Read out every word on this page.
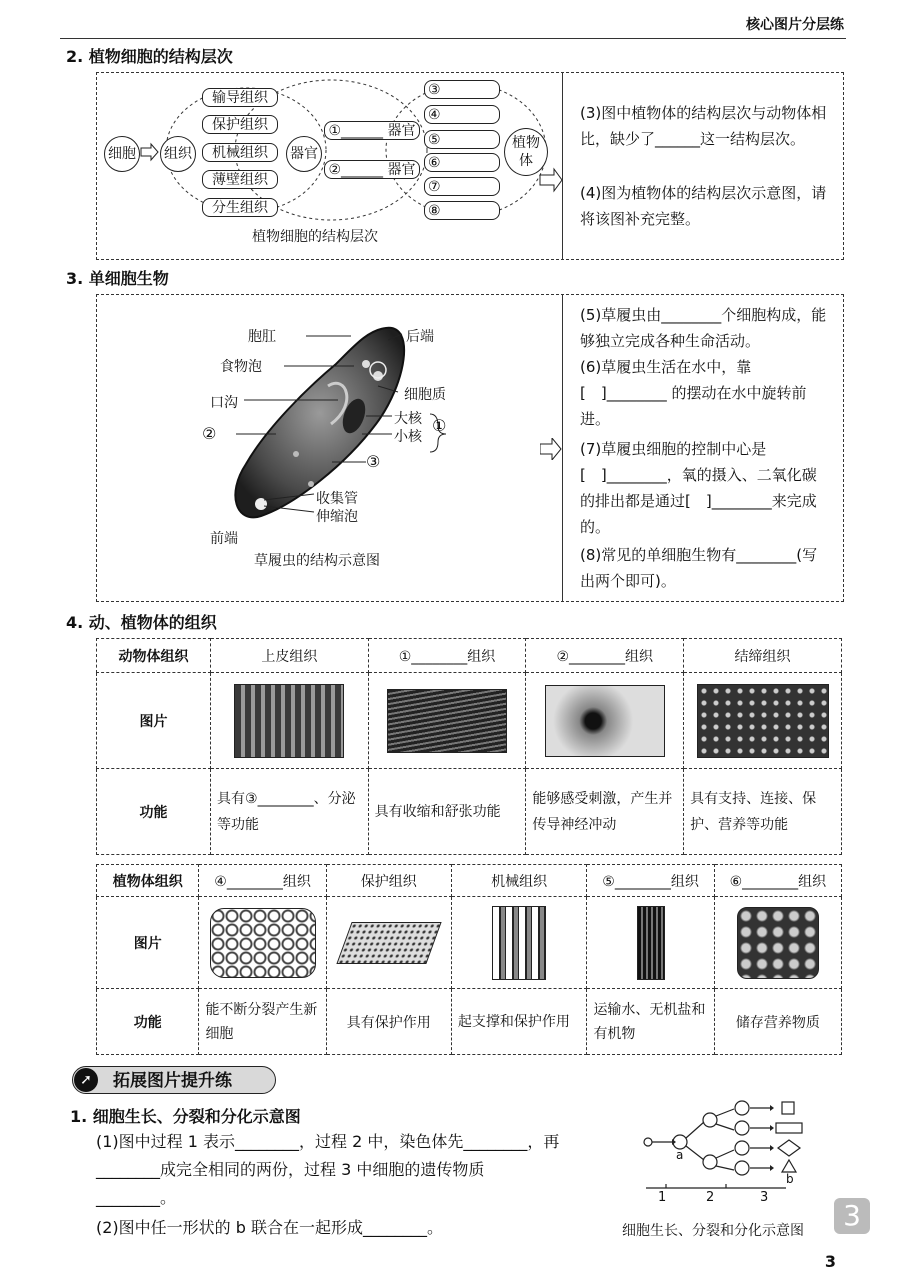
核心图片分层练
2. 植物细胞的结构层次
细胞 组织	器官
植物
体
输导组织
保护组织
机械组织
薄壁组织
分生组织
①______ 器官
②______ 器官
③
④
⑤
⑥
⑦
⑧
植物细胞的结构层次
(3)图中植物体的结构层次与动物体相比，缺少了______这一结构层次。
(4)图为植物体的结构层次示意图，请将该图补充完整。
3. 单细胞生物
胞肛	后端
食物泡
细胞质
口沟
大核
小核
①
②
③
收集管
伸缩泡
前端
草履虫的结构示意图
(5)草履虫由________个细胞构成，能够独立完成各种生命活动。
(6)草履虫生活在水中，靠[　]________ 的摆动在水中旋转前进。
(7)草履虫细胞的控制中心是[　]________，氧的摄入、二氧化碳的排出都是通过[　]________来完成的。
(8)常见的单细胞生物有________(写出两个即可)。
4. 动、植物体的组织
动物体组织	上皮组织	①________组织	②________组织	结缔组织
图片	

功能	具有③________、分泌等功能	具有收缩和舒张功能	能够感受刺激，产生并传导神经冲动	具有支持、连接、保护、营养等功能
植物体组织	④________组织	保护组织	机械组织	⑤________组织	⑥________组织
图片	

功能	能不断分裂产生新细胞	具有保护作用	起支撑和保护作用	运输水、无机盐和有机物	储存营养物质
拓展图片提升练
➚
1. 细胞生长、分裂和分化示意图
(1)图中过程 1 表示________，过程 2 中，染色体先________，再
________成完全相同的两份，过程 3 中细胞的遗传物质
________。
(2)图中任一形状的 b 联合在一起形成________。
a
b
1	2	3
细胞生长、分裂和分化示意图	3
3
